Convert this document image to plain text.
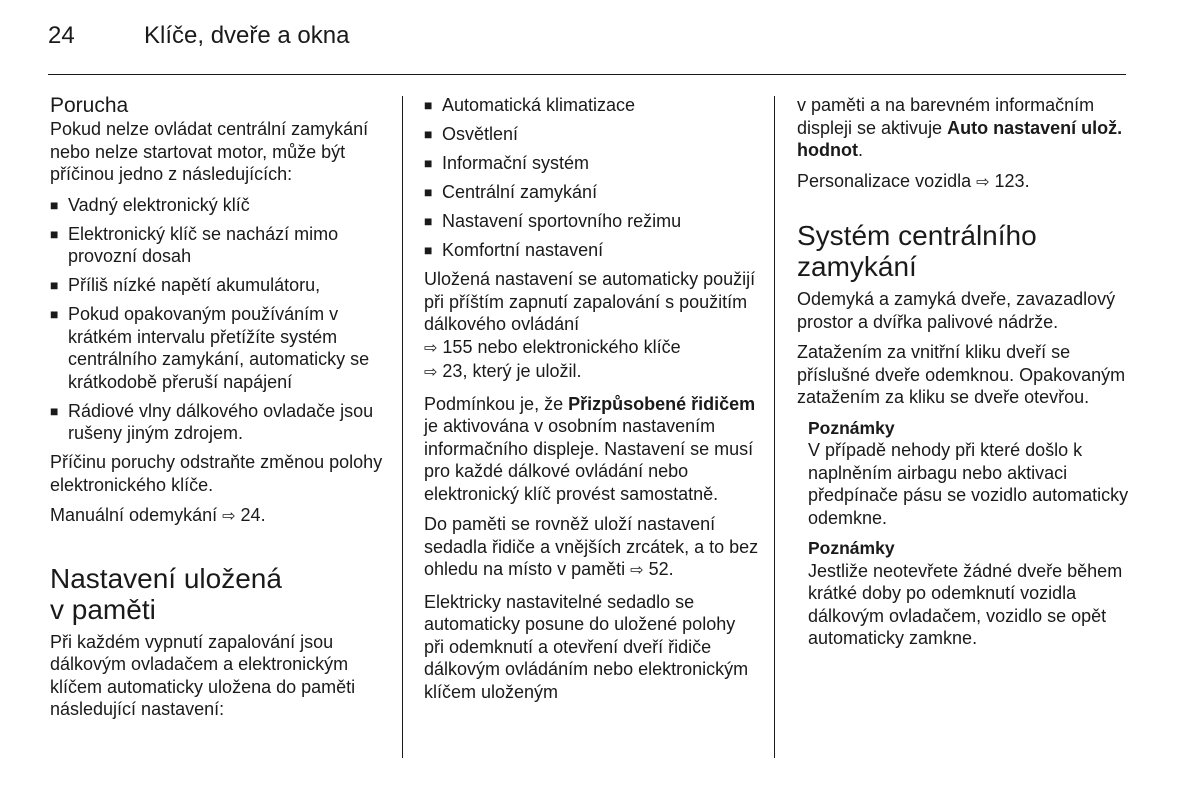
24	Klíče, dveře a okna
Porucha

Pokud nelze ovládat centrální zamykání nebo nelze startovat motor, může být příčinou jedno z následujících:

■ Vadný elektronický klíč
■ Elektronický klíč se nachází mimo provozní dosah
■ Příliš nízké napětí akumulátoru,
■ Pokud opakovaným používáním v krátkém intervalu přetížíte systém centrálního zamykání, automaticky se krátkodobě přeruší napájení
■ Rádiové vlny dálkového ovladače jsou rušeny jiným zdrojem.

Příčinu poruchy odstraňte změnou polohy elektronického klíče.

Manuální odemykání ⇨ 24.

Nastavení uložená
v paměti

Při každém vypnutí zapalování jsou dálkovým ovladačem a elektronickým klíčem automaticky uložena do paměti následující nastavení:

■ Automatická klimatizace
■ Osvětlení
■ Informační systém
■ Centrální zamykání
■ Nastavení sportovního režimu
■ Komfortní nastavení

Uložená nastavení se automaticky použijí při příštím zapnutí zapalování s použitím dálkového ovládání
⇨ 155 nebo elektronického klíče
⇨ 23, který je uložil.

Podmínkou je, že Přizpůsobené řidičem je aktivována v osobním nastavením informačního displeje. Nastavení se musí pro každé dálkové ovládání nebo elektronický klíč provést samostatně.

Do paměti se rovněž uloží nastavení sedadla řidiče a vnějších zrcátek, a to bez ohledu na místo v paměti ⇨ 52.

Elektricky nastavitelné sedadlo se automaticky posune do uložené polohy při odemknutí a otevření dveří řidiče dálkovým ovládáním nebo elektronickým klíčem uloženým

v paměti a na barevném informačním displeji se aktivuje Auto nastavení ulož. hodnot.

Personalizace vozidla ⇨ 123.

Systém centrálního
zamykání

Odemyká a zamyká dveře, zavazadlový prostor a dvířka palivové nádrže.

Zatažením za vnitřní kliku dveří se příslušné dveře odemknou. Opakovaným zatažením za kliku se dveře otevřou.

Poznámky

V případě nehody při které došlo k naplněním airbagu nebo aktivaci předpínače pásu se vozidlo automaticky odemkne.

Poznámky

Jestliže neotevřete žádné dveře během krátké doby po odemknutí vozidla dálkovým ovladačem, vozidlo se opět automaticky zamkne.
